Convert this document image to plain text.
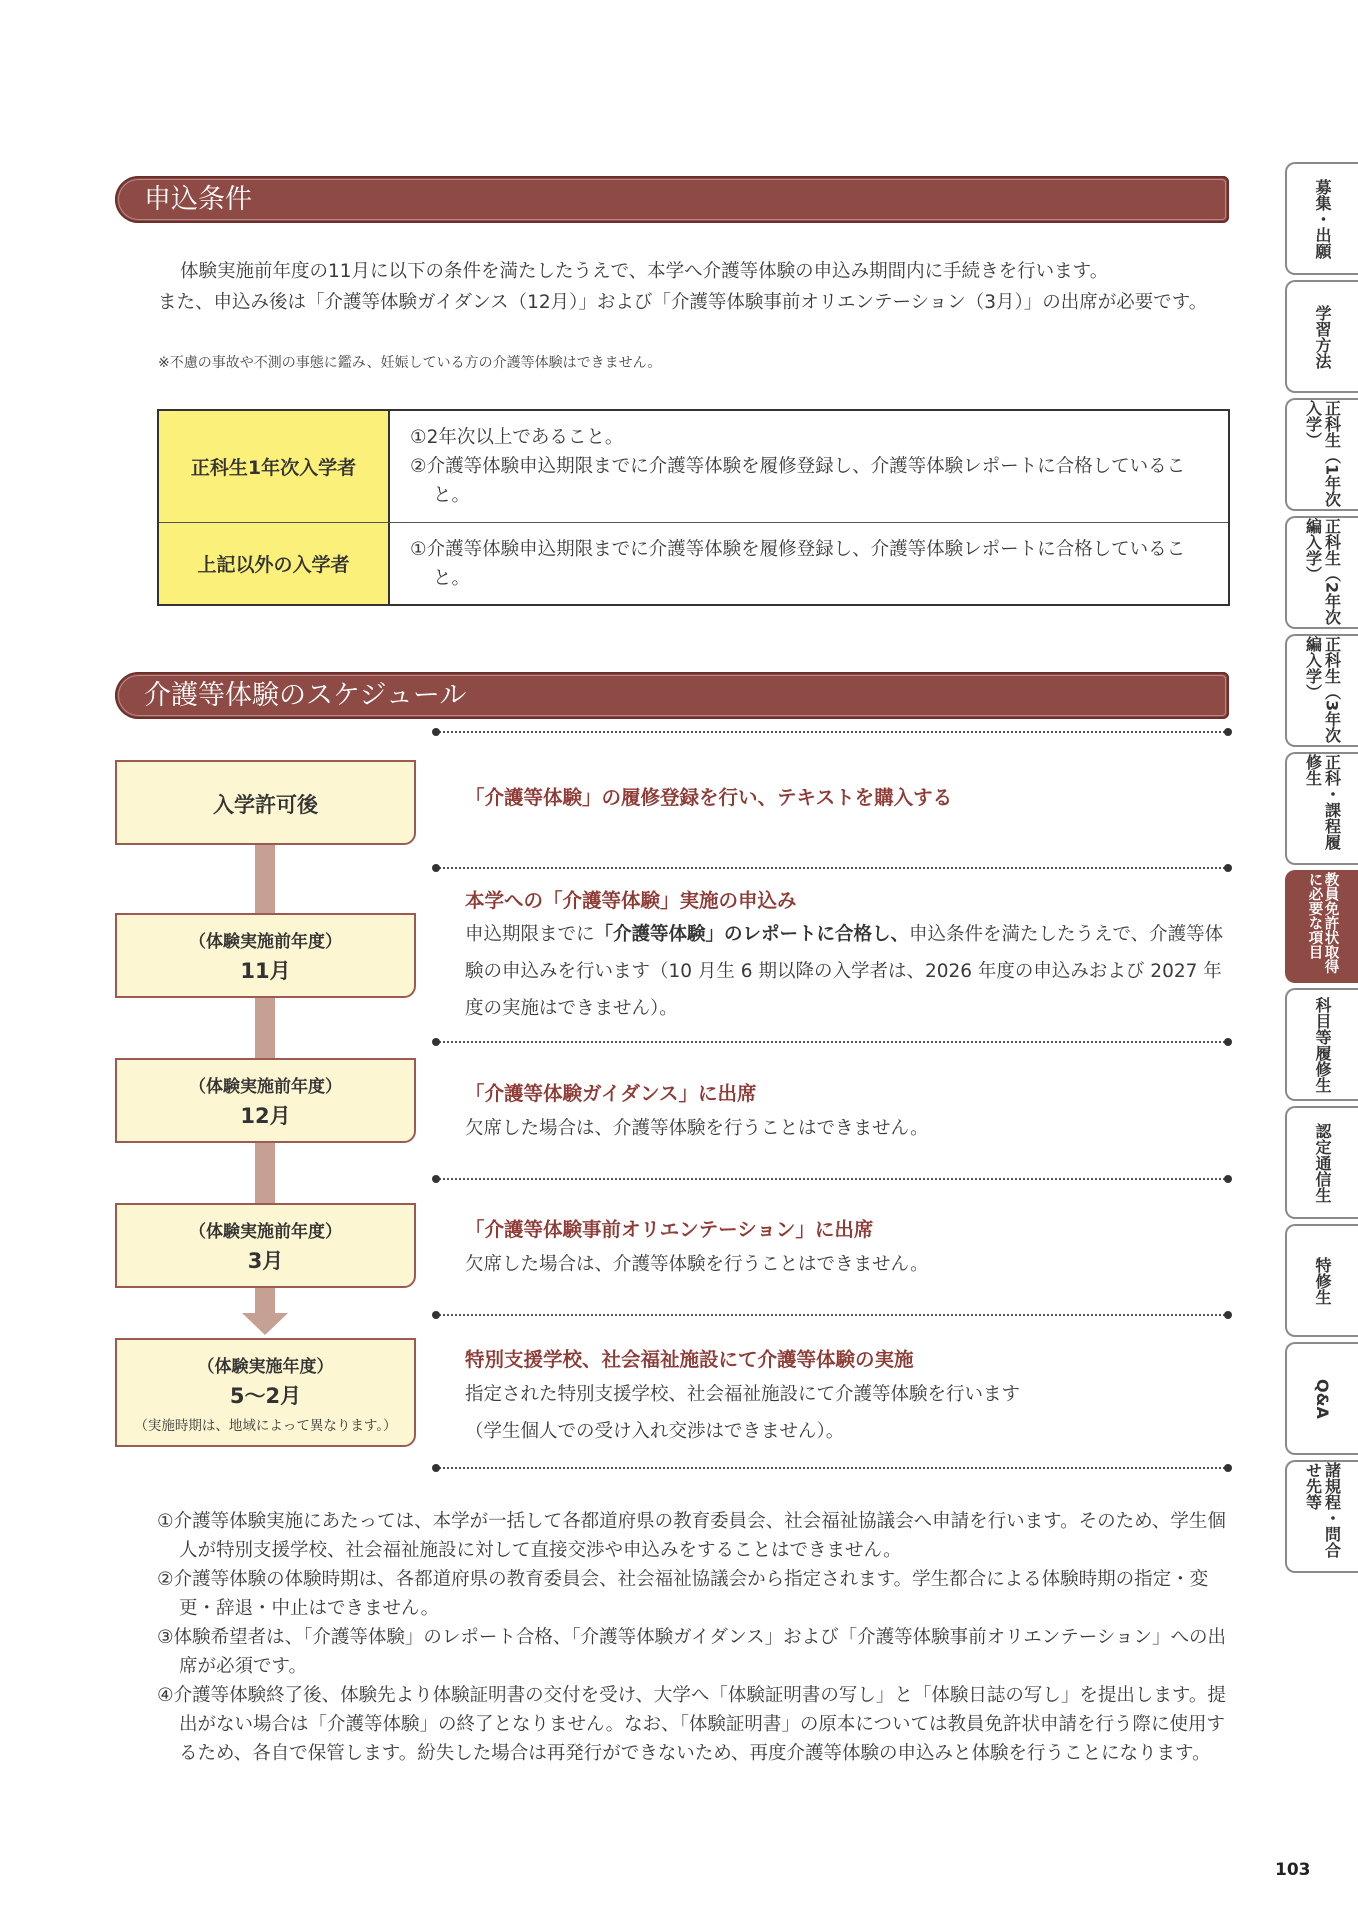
申込条件
体験実施前年度の11月に以下の条件を満たしたうえで、本学へ介護等体験の申込み期間内に手続きを行います。
また、申込み後は「介護等体験ガイダンス（12月）」および「介護等体験事前オリエンテーション（3月）」の出席が必要です。
※不慮の事故や不測の事態に鑑み、妊娠している方の介護等体験はできません。
正科生1年次入学者
①2年次以上であること。
②介護等体験申込期限までに介護等体験を履修登録し、介護等体験レポートに合格していること。
上記以外の入学者
①介護等体験申込期限までに介護等体験を履修登録し、介護等体験レポートに合格していること。
介護等体験のスケジュール
入学許可後
（体験実施前年度）
11月
（体験実施前年度）
12月
（体験実施前年度）
3月
（体験実施年度）
5〜2月
（実施時期は、地域によって異なります。）
「介護等体験」の履修登録を行い、テキストを購入する
本学への「介護等体験」実施の申込み
申込期限までに「介護等体験」のレポートに合格し、申込条件を満たしたうえで、介護等体験の申込みを行います（10 月生 6 期以降の入学者は、2026 年度の申込みおよび 2027 年度の実施はできません）。
「介護等体験ガイダンス」に出席
欠席した場合は、介護等体験を行うことはできません。
「介護等体験事前オリエンテーション」に出席
欠席した場合は、介護等体験を行うことはできません。
特別支援学校、社会福祉施設にて介護等体験の実施
指定された特別支援学校、社会福祉施設にて介護等体験を行います
（学生個人での受け入れ交渉はできません）。
①介護等体験実施にあたっては、本学が一括して各都道府県の教育委員会、社会福祉協議会へ申請を行います。そのため、学生個人が特別支援学校、社会福祉施設に対して直接交渉や申込みをすることはできません。
②介護等体験の体験時期は、各都道府県の教育委員会、社会福祉協議会から指定されます。学生都合による体験時期の指定・変更・辞退・中止はできません。
③体験希望者は、「介護等体験」のレポート合格、「介護等体験ガイダンス」および「介護等体験事前オリエンテーション」への出席が必須です。
④介護等体験終了後、体験先より体験証明書の交付を受け、大学へ「体験証明書の写し」と「体験日誌の写し」を提出します。提出がない場合は「介護等体験」の終了となりません。なお、「体験証明書」の原本については教員免許状申請を行う際に使用するため、各自で保管します。紛失した場合は再発行ができないため、再度介護等体験の申込みと体験を行うことになります。
募集・出願
学習方法
正科生（1年次入学）
正科生（2年次編入学）
正科生（3年次編入学）
正科・課程履修生
教員免許状取得に必要な項目
科目等履修生
認定通信生
特修生
Q&A
諸規程・問合せ先等
103
